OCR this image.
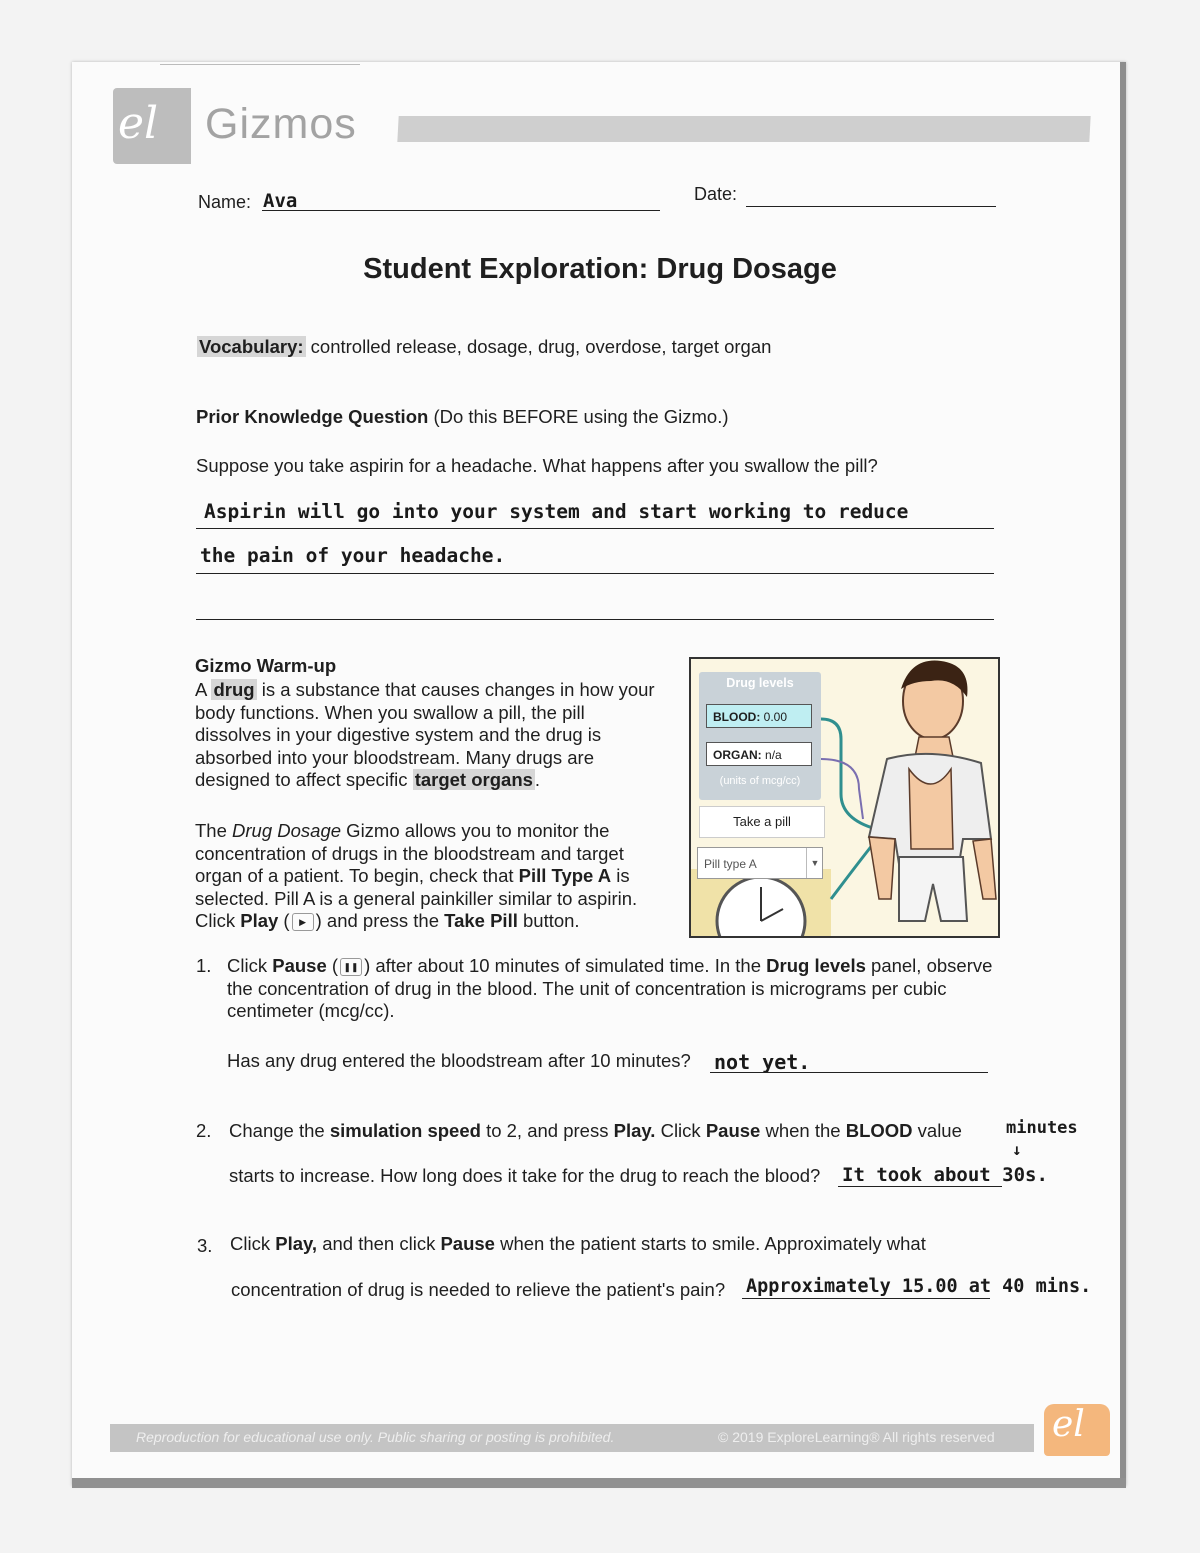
el Gizmos
Name: Ava	Date:
Student Exploration: Drug Dosage
Vocabulary: controlled release, dosage, drug, overdose, target organ
Prior Knowledge Question (Do this BEFORE using the Gizmo.)
Suppose you take aspirin for a headache. What happens after you swallow the pill?
Aspirin will go into your system and start working to reduce
the pain of your headache.
Gizmo Warm-up
A drug is a substance that causes changes in how your body functions. When you swallow a pill, the pill dissolves in your digestive system and the drug is absorbed into your bloodstream. Many drugs are designed to affect specific target organs .
The Drug Dosage Gizmo allows you to monitor the concentration of drugs in the bloodstream and target organ of a patient. To begin, check that Pill Type A is selected. Pill A is a general painkiller similar to aspirin. Click Play ( ▶ ) and press the Take Pill button.
Drug levels
BLOOD: 0.00
ORGAN: n/a
(units of mcg/cc)
Take a pill
Pill type A	▼
1. Click Pause ( ❚❚ ) after about 10 minutes of simulated time. In the Drug levels panel, observe the concentration of drug in the blood. The unit of concentration is micrograms per cubic centimeter (mcg/cc).
Has any drug entered the bloodstream after 10 minutes? not yet.
2. Change the simulation speed to 2, and press Play. Click Pause when the BLOOD value	minutes
↓
starts to increase. How long does it take for the drug to reach the blood? It took about 30s.
3. Click Play, and then click Pause when the patient starts to smile. Approximately what
concentration of drug is needed to relieve the patient's pain? Approximately 15.00 at 40 mins.
Reproduction for educational use only. Public sharing or posting is prohibited.	© 2019 ExploreLearning® All rights reserved el
